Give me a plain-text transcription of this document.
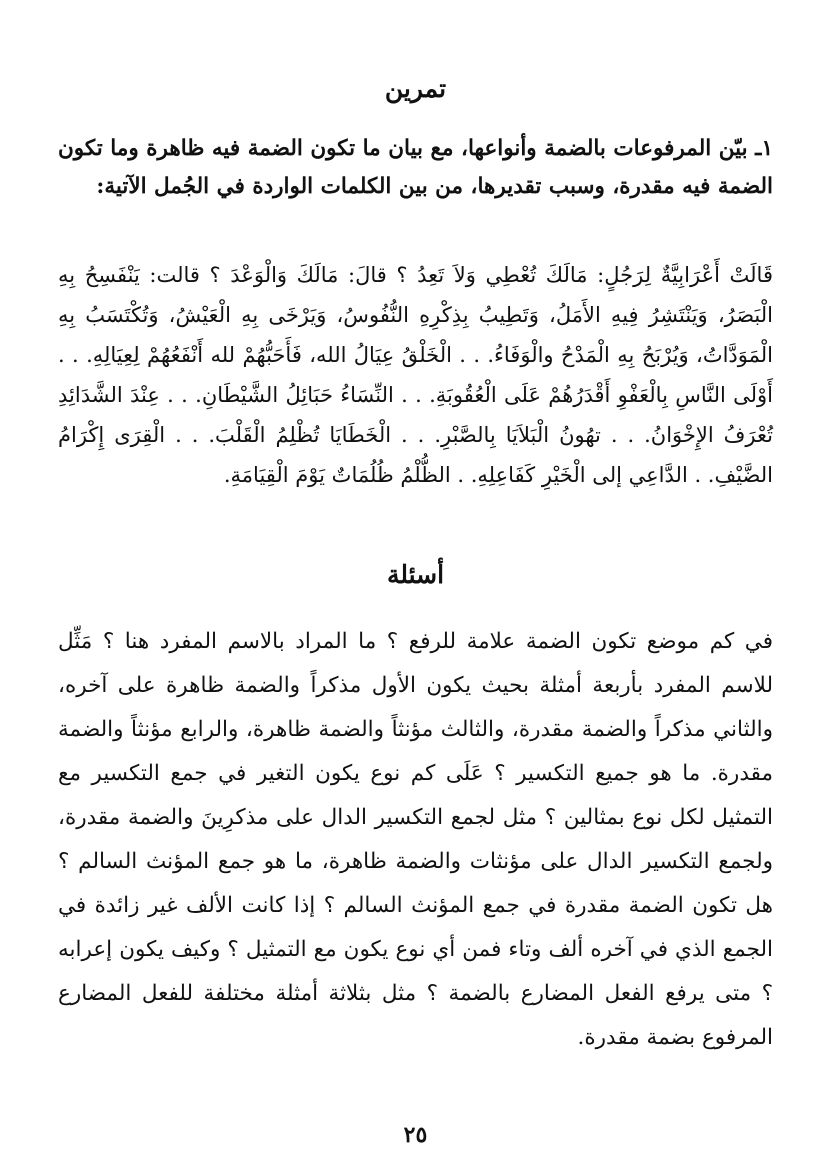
تمرين

١ـ بيّن المرفوعات بالضمة وأنواعها، مع بيان ما تكون الضمة فيه ظاهرة وما تكون الضمة فيه مقدرة، وسبب تقديرها، من بين الكلمات الواردة في الجُمل الآتية:

قَالَتْ أَعْرَابِيَّةٌ لِرَجُلٍ: مَالَكَ تُعْطِي وَلاَ تَعِدُ ؟ قالَ: مَالَكَ وَالْوَعْدَ ؟ قالت: يَنْفَسِحُ بِهِ الْبَصَرُ، وَيَنْتَشِرُ فِيهِ الأَمَلُ، وَتَطِيبُ بِذِكْرِهِ النُّفُوسُ، وَيَرْخَى بِهِ الْعَيْشُ، وَتُكْتَسَبُ بِهِ الْمَوَدَّاتُ، وَيُرْبَحُ بِهِ الْمَدْحُ والْوَفَاءُ. . . الْخَلْقُ عِيَالُ الله، فَأَحَبُّهُمْ لله أَنْفَعُهُمْ لِعِيَالِهِ. . . أَوْلَى النَّاسِ بِالْعَفْوِ أَقْدَرُهُمْ عَلَى الْعُقُوبَةِ. . . النِّسَاءُ حَبَائِلُ الشَّيْطَانِ. . . عِنْدَ الشَّدَائِدِ تُعْرَفُ الإِخْوَانُ. . . تهُونُ الْبَلاَيَا بِالصَّبْرِ. . . الْخَطَايَا تُظْلِمُ الْقَلْبَ. . . الْقِرَى إِكْرَامُ الضَّيْفِ. . الدَّاعِي إلى الْخَيْرِ كَفَاعِلِهِ. . الظُّلْمُ ظُلُمَاتٌ يَوْمَ الْقِيَامَةِ.

أسئلة

في كم موضع تكون الضمة علامة للرفع ؟ ما المراد بالاسم المفرد هنا ؟ مَثِّل للاسم المفرد بأربعة أمثلة بحيث يكون الأول مذكراً والضمة ظاهرة على آخره، والثاني مذكراً والضمة مقدرة، والثالث مؤنثاً والضمة ظاهرة، والرابع مؤنثاً والضمة مقدرة. ما هو جميع التكسير ؟ عَلَى كم نوع يكون التغير في جمع التكسير مع التمثيل لكل نوع بمثالين ؟ مثل لجمع التكسير الدال على مذكرِينَ والضمة مقدرة، ولجمع التكسير الدال على مؤنثات والضمة ظاهرة، ما هو جمع المؤنث السالم ؟ هل تكون الضمة مقدرة في جمع المؤنث السالم ؟ إذا كانت الألف غير زائدة في الجمع الذي في آخره ألف وتاء فمن أي نوع يكون مع التمثيل ؟ وكيف يكون إعرابه ؟ متى يرفع الفعل المضارع بالضمة ؟ مثل بثلاثة أمثلة مختلفة للفعل المضارع المرفوع بضمة مقدرة.

٢٥
